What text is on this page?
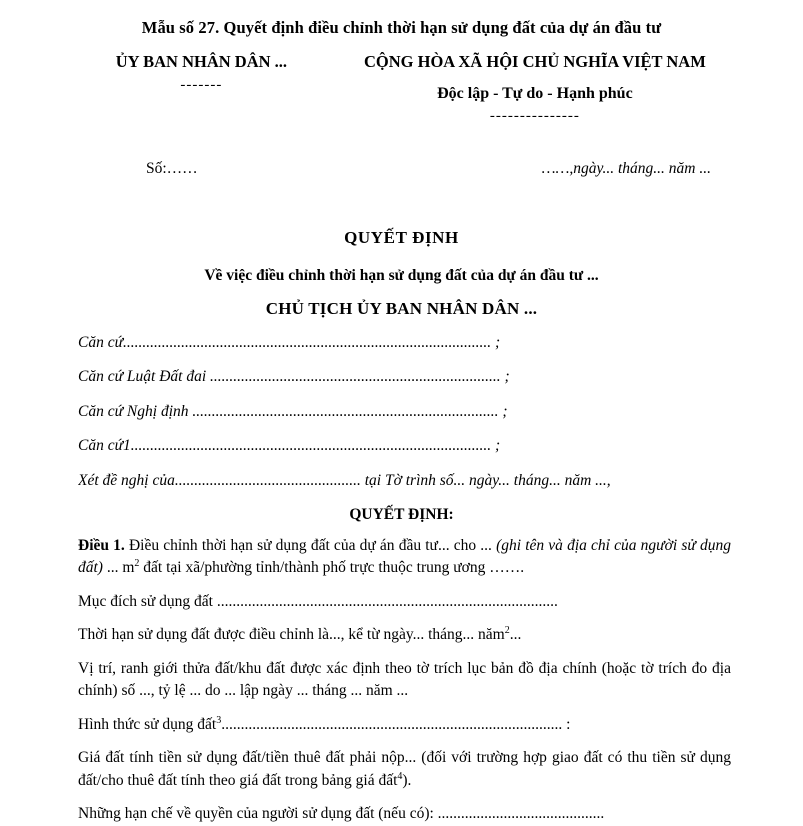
Mẫu số 27. Quyết định điều chỉnh thời hạn sử dụng đất của dự án đầu tư
ỦY BAN NHÂN DÂN ...
-------
CỘNG HÒA XÃ HỘI CHỦ NGHĨA VIỆT NAM
Độc lập - Tự do - Hạnh phúc
---------------
Số:……	……,ngày... tháng... năm ...
QUYẾT ĐỊNH
Về việc điều chỉnh thời hạn sử dụng đất của dự án đầu tư ...
CHỦ TỊCH ỦY BAN NHÂN DÂN ...

Căn cứ............................................................................................... ;

Căn cứ Luật Đất đai ........................................................................... ;

Căn cứ Nghị định ............................................................................... ;

Căn cứ1............................................................................................. ;

Xét đề nghị của................................................ tại Tờ trình số... ngày... tháng... năm ...,

QUYẾT ĐỊNH:

Điều 1. Điều chỉnh thời hạn sử dụng đất của dự án đầu tư... cho ... (ghi tên và địa chỉ của người sử dụng đất) ... $m^2$ đất tại xã/phường tỉnh/thành phố trực thuộc trung ương …….

Mục đích sử dụng đất ........................................................................................

Thời hạn sử dụng đất được điều chỉnh là..., kể từ ngày... tháng... năm$^2$...

Vị trí, ranh giới thửa đất/khu đất được xác định theo tờ trích lục bản đồ địa chính (hoặc tờ trích đo địa chính) số ..., tỷ lệ ... do ... lập ngày ... tháng ... năm ...

Hình thức sử dụng đất$^3$........................................................................................ :

Giá đất tính tiền sử dụng đất/tiền thuê đất phải nộp... (đối với trường hợp giao đất có thu tiền sử dụng đất/cho thuê đất tính theo giá đất trong bảng giá đất$^4$).

Những hạn chế về quyền của người sử dụng đất (nếu có): ...........................................
